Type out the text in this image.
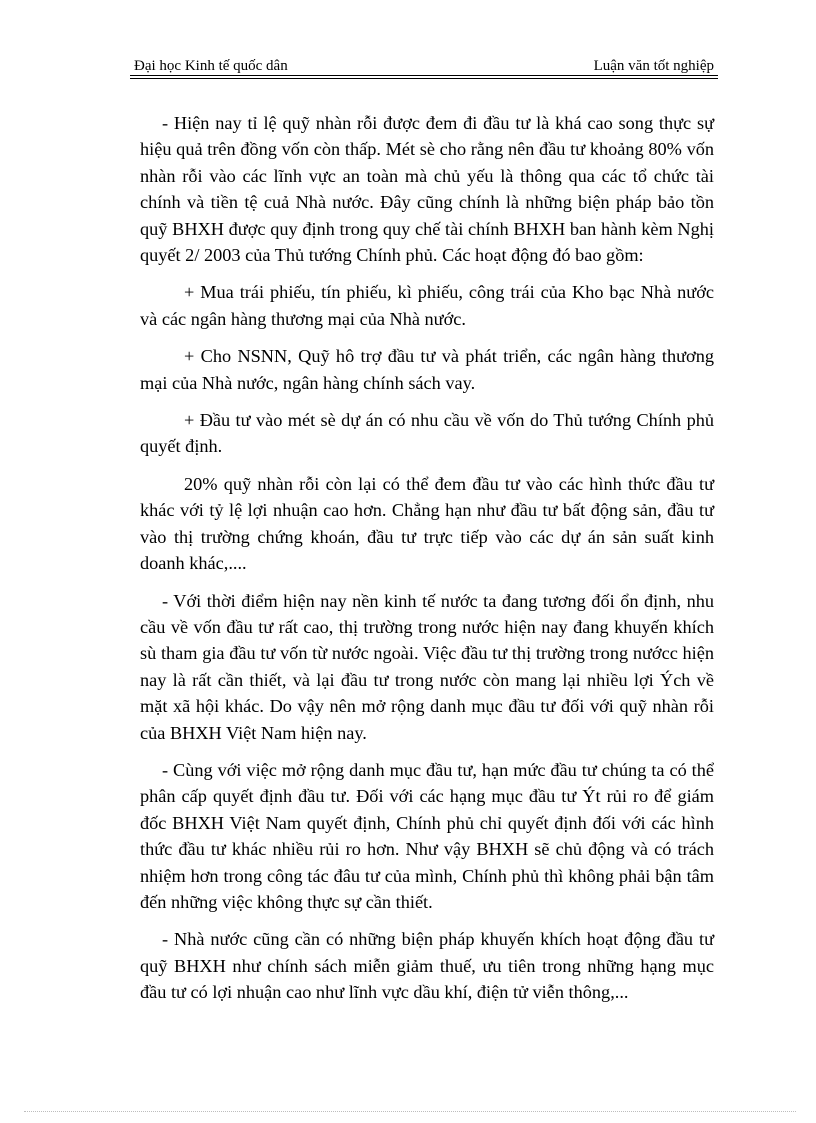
Đại học Kinh tế quốc dân	Luận văn tốt nghiệp

- Hiện nay tỉ lệ quỹ nhàn rỗi được đem đi đầu tư là khá cao song thực sự hiệu quả trên đồng vốn còn thấp. Mét sè cho rằng nên đầu tư khoảng 80% vốn nhàn rỗi vào các lĩnh vực an toàn mà chủ yếu là thông qua các tổ chức tài chính và tiền tệ cuả Nhà nước. Đây cũng chính là những biện pháp bảo tồn quỹ BHXH được quy định trong quy chế tài chính BHXH ban hành kèm Nghị quyết 2/ 2003 của Thủ tướng Chính phủ. Các hoạt động đó bao gồm:

+ Mua trái phiếu, tín phiếu, kì phiếu, công trái của Kho bạc Nhà nước và các ngân hàng thương mại của Nhà nước.

+ Cho NSNN, Quỹ hô trợ đầu tư và phát triển, các ngân hàng thương mại của Nhà nước, ngân hàng chính sách vay.

+ Đầu tư vào mét sè dự án có nhu cầu về vốn do Thủ tướng Chính phủ quyết định.

20% quỹ nhàn rỗi còn lại có thể đem đầu tư vào các hình thức đầu tư khác với tỷ lệ lợi nhuận cao hơn. Chẳng hạn như đầu tư bất động sản, đầu tư vào thị trường chứng khoán, đầu tư trực tiếp vào các dự án sản suất kinh doanh khác,....

- Với thời điểm hiện nay nền kinh tế nước ta đang tương đối ổn định, nhu cầu về vốn đầu tư rất cao, thị trường trong nước hiện nay đang khuyến khích sù tham gia đầu tư vốn từ nước ngoài. Việc đầu tư thị trường trong nướcc hiện nay là rất cần thiết, và lại đầu tư trong nước còn mang lại nhiều lợi Ých về mặt xã hội khác. Do vậy nên mở rộng danh mục đầu tư đối với quỹ nhàn rỗi của BHXH Việt Nam hiện nay.

- Cùng với việc mở rộng danh mục đầu tư, hạn mức đầu tư chúng ta có thể phân cấp quyết định đầu tư. Đối với các hạng mục đầu tư Ýt rủi ro để giám đốc BHXH Việt Nam quyết định, Chính phủ chỉ quyết định đối với các hình thức đầu tư khác nhiều rủi ro hơn. Như vậy BHXH sẽ chủ động và có trách nhiệm hơn trong công tác đâu tư của mình, Chính phủ thì không phải bận tâm đến những việc không thực sự cần thiết.

- Nhà nước cũng cần có những biện pháp khuyến khích hoạt động đầu tư quỹ BHXH như chính sách miễn giảm thuế, ưu tiên trong những hạng mục đầu tư có lợi nhuận cao như lĩnh vực dầu khí, điện tử viễn thông,...
